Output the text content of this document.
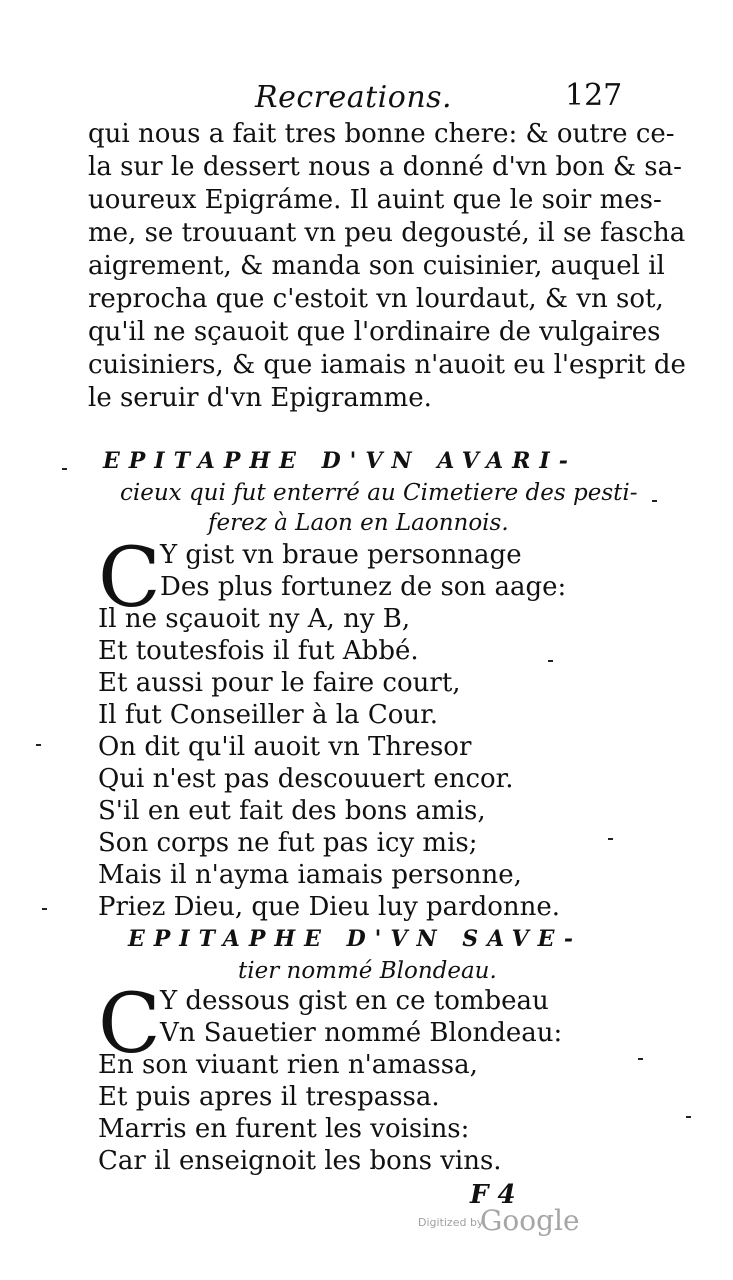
Recreations.	127
qui nous a fait tres bonne chere: & outre ce-
la sur le dessert nous a donné d'vn bon & sa-
uoureux Epigráme. Il auint que le soir mes-
me, se trouuant vn peu degousté, il se fascha
aigrement, & manda son cuisinier, auquel il
reprocha que c'estoit vn lourdaut, & vn sot,
qu'il ne sçauoit que l'ordinaire de vulgaires
cuisiniers, & que iamais n'auoit eu l'esprit de
le seruir d'vn Epigramme.
EPITAPHE D'VN AVARI-
cieux qui fut enterré au Cimetiere des pesti-
ferez à Laon en Laonnois.
C Y gist vn braue personnage
Des plus fortunez de son aage:
Il ne sçauoit ny A, ny B,
Et toutesfois il fut Abbé.
Et aussi pour le faire court,
Il fut Conseiller à la Cour.
On dit qu'il auoit vn Thresor
Qui n'est pas descouuert encor.
S'il en eut fait des bons amis,
Son corps ne fut pas icy mis;
Mais il n'ayma iamais personne,
Priez Dieu, que Dieu luy pardonne.
EPITAPHE D'VN SAVE-
tier nommé Blondeau.
C Y dessous gist en ce tombeau
Vn Sauetier nommé Blondeau:
En son viuant rien n'amassa,
Et puis apres il trespassa.
Marris en furent les voisins:
Car il enseignoit les bons vins.
F 4
Digitized by
Google
